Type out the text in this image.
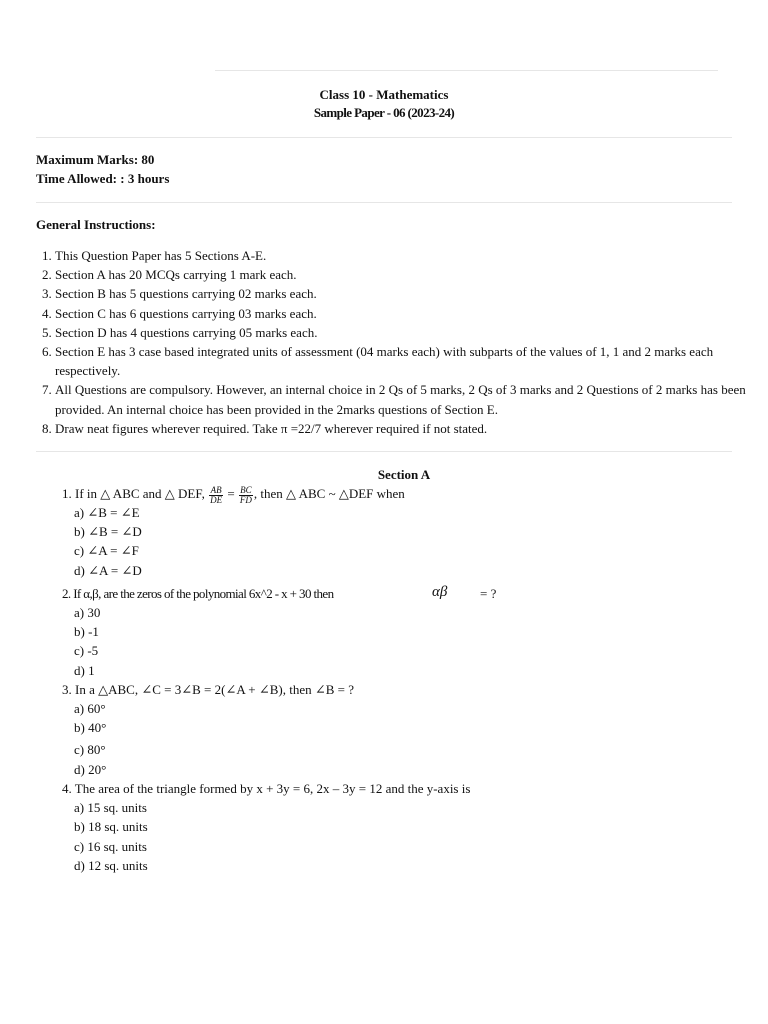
Class 10 - Mathematics
Sample Paper - 06 (2023-24)
Maximum Marks: 80
Time Allowed: : 3 hours
General Instructions:
1. This Question Paper has 5 Sections A-E.
2. Section A has 20 MCQs carrying 1 mark each.
3. Section B has 5 questions carrying 02 marks each.
4. Section C has 6 questions carrying 03 marks each.
5. Section D has 4 questions carrying 05 marks each.
6. Section E has 3 case based integrated units of assessment (04 marks each) with subparts of the values of 1, 1 and 2 marks each respectively.
7. All Questions are compulsory. However, an internal choice in 2 Qs of 5 marks, 2 Qs of 3 marks and 2 Questions of 2 marks has been provided. An internal choice has been provided in the 2marks questions of Section E.
8. Draw neat figures wherever required. Take π =22/7 wherever required if not stated.
Section A
1. If in △ ABC and △ DEF, $\frac{AB}{DE} = \frac{BC}{FD}$ , then △ ABC ~ △DEF when
a) ∠B = ∠E
b) ∠B = ∠D
c) ∠A = ∠F
d) ∠A = ∠D
2. If α,β, are the zeros of the polynomial 6x^2 - x + 30 then	αβ	= ?
a) 30
b) -1
c) -5
d) 1
3. In a △ABC, ∠C = 3∠B = 2(∠A + ∠B), then ∠B = ?
a) 60°
b) 40°
c) 80°
d) 20°
4. The area of the triangle formed by x + 3y = 6, 2x – 3y = 12 and the y-axis is
a) 15 sq. units
b) 18 sq. units
c) 16 sq. units
d) 12 sq. units
